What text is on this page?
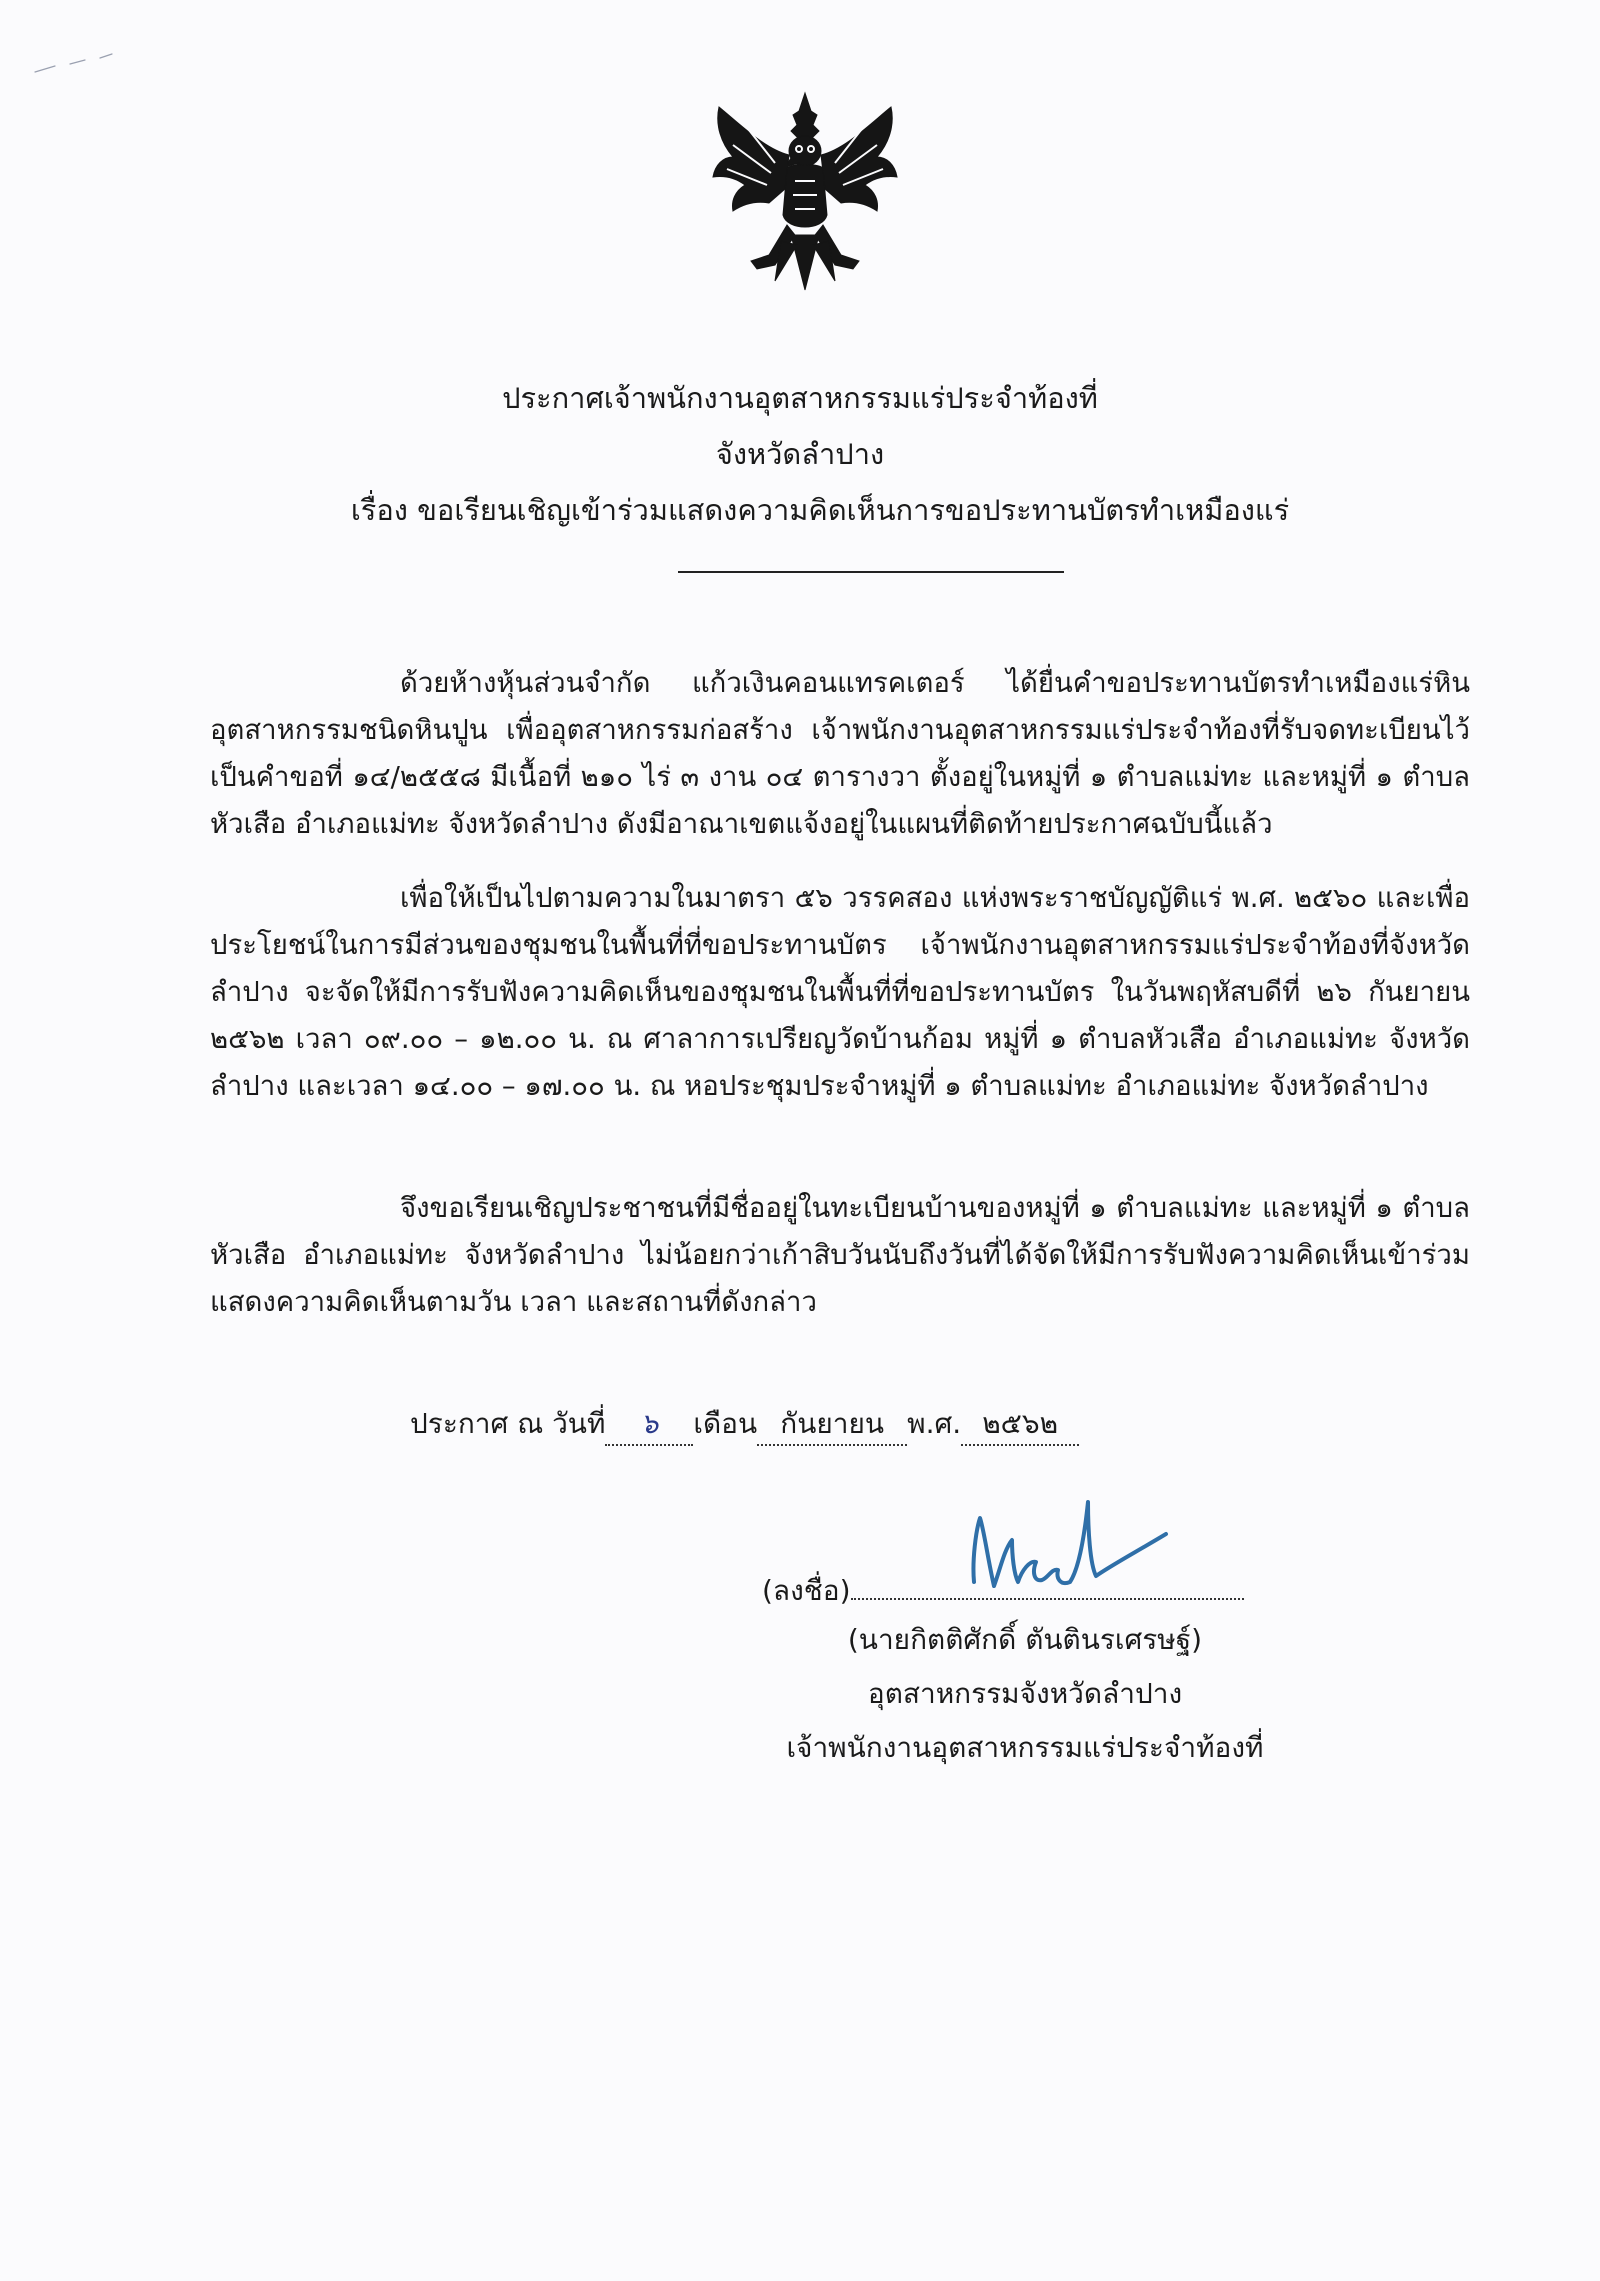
ประกาศเจ้าพนักงานอุตสาหกรรมแร่ประจำท้องที่
จังหวัดลำปาง
เรื่อง ขอเรียนเชิญเข้าร่วมแสดงความคิดเห็นการขอประทานบัตรทำเหมืองแร่

ด้วยห้างหุ้นส่วนจำกัด แก้วเงินคอนแทรคเตอร์ ได้ยื่นคำขอประทานบัตรทำเหมืองแร่หินอุตสาหกรรมชนิดหินปูน เพื่ออุตสาหกรรมก่อสร้าง เจ้าพนักงานอุตสาหกรรมแร่ประจำท้องที่รับจดทะเบียนไว้เป็นคำขอที่ ๑๔/๒๕๕๘ มีเนื้อที่ ๒๑๐ ไร่ ๓ งาน ๐๔ ตารางวา ตั้งอยู่ในหมู่ที่ ๑ ตำบลแม่ทะ และหมู่ที่ ๑ ตำบลหัวเสือ อำเภอแม่ทะ จังหวัดลำปาง ดังมีอาณาเขตแจ้งอยู่ในแผนที่ติดท้ายประกาศฉบับนี้แล้ว

เพื่อให้เป็นไปตามความในมาตรา ๕๖ วรรคสอง แห่งพระราชบัญญัติแร่ พ.ศ. ๒๕๖๐ และเพื่อประโยชน์ในการมีส่วนของชุมชนในพื้นที่ที่ขอประทานบัตร เจ้าพนักงานอุตสาหกรรมแร่ประจำท้องที่จังหวัดลำปาง จะจัดให้มีการรับฟังความคิดเห็นของชุมชนในพื้นที่ที่ขอประทานบัตร ในวันพฤหัสบดีที่ ๒๖ กันยายน ๒๕๖๒ เวลา ๐๙.๐๐ – ๑๒.๐๐ น. ณ ศาลาการเปรียญวัดบ้านก้อม หมู่ที่ ๑ ตำบลหัวเสือ อำเภอแม่ทะ จังหวัดลำปาง และเวลา ๑๔.๐๐ – ๑๗.๐๐ น. ณ หอประชุมประจำหมู่ที่ ๑ ตำบลแม่ทะ อำเภอแม่ทะ จังหวัดลำปาง

จึงขอเรียนเชิญประชาชนที่มีชื่ออยู่ในทะเบียนบ้านของหมู่ที่ ๑ ตำบลแม่ทะ และหมู่ที่ ๑ ตำบลหัวเสือ อำเภอแม่ทะ จังหวัดลำปาง ไม่น้อยกว่าเก้าสิบวันนับถึงวันที่ได้จัดให้มีการรับฟังความคิดเห็นเข้าร่วมแสดงความคิดเห็นตามวัน เวลา และสถานที่ดังกล่าว

ประกาศ ณ วันที่ ๖ เดือน กันยายน พ.ศ. ๒๕๖๒
(ลงชื่อ)
(นายกิตติศักดิ์ ตันตินรเศรษฐ์)
อุตสาหกรรมจังหวัดลำปาง
เจ้าพนักงานอุตสาหกรรมแร่ประจำท้องที่
